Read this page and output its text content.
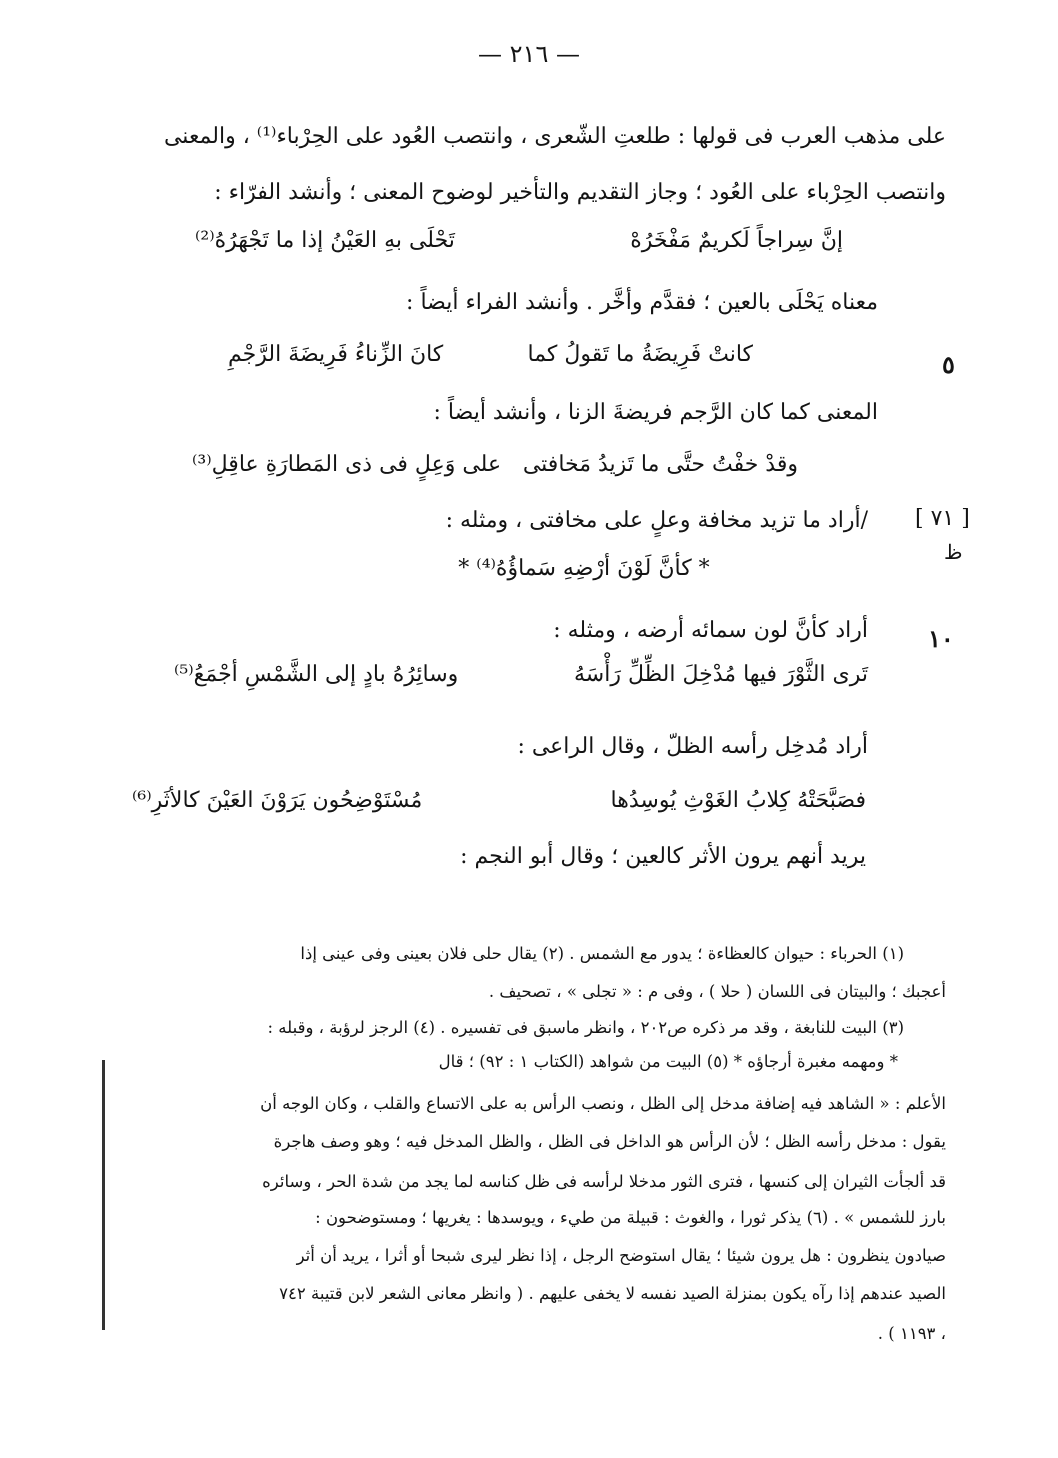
— ٢١٦ —
على مذهب العرب فى قولها : طلعتِ الشّعرى ، وانتصب العُود على الحِرْباء⁽¹⁾ ، والمعنى
وانتصب الحِرْباء على العُود ؛ وجاز التقديم والتأخير لوضوح المعنى ؛ وأنشد الفرّاء :
إنَّ سِراجاً لَكريمٌ مَفْخَرُهْ
تَحْلَى بهِ العَيْنُ إذا ما تَجْهَرُهُ⁽²⁾
معناه يَحْلَى بالعين ؛ فقدَّم وأخَّر . وأنشد الفراء أيضاً :
٥
كانتْ فَرِيضَةُ ما تَقولُ كما
كانَ الزِّناءُ فَرِيضَةَ الرَّجْمِ
المعنى كما كان الرَّجم فريضةَ الزنا ، وأنشد أيضاً :
وقدْ خفْتُ حتَّى ما تَزيدُ مَخافتى
على وَعِلٍ فى ذى المَطارَةِ عاقِلِ⁽³⁾
[ ٧١ ]
ظ
/أراد ما تزيد مخافة وعلٍ على مخافتى ، ومثله :
* كأنَّ لَوْنَ أرْضِهِ سَماؤُهُ⁽⁴⁾ *
١٠
أراد كأنَّ لون سمائه أرضه ، ومثله :
تَرى الثَّوْرَ فيها مُدْخِلَ الظِّلِّ رَأْسَهُ
وسائِرُهُ بادٍ إلى الشَّمْسِ أجْمَعُ⁽⁵⁾
أراد مُدخِل رأسه الظلّ ، وقال الراعى :
فصَبَّحَتْهُ كِلابُ الغَوْثِ يُوسِدُها
مُسْتَوْضِحُون يَرَوْنَ العَيْنَ كالأثَرِ⁽⁶⁾
يريد أنهم يرون الأثر كالعين ؛ وقال أبو النجم :
(١) الحرباء : حيوان كالعظاءة ؛ يدور مع الشمس . (٢) يقال حلى فلان بعينى وفى عينى إذا
أعجبك ؛ والبيتان فى اللسان ( حلا ) ، وفى م : « تجلى » ، تصحيف .
(٣) البيت للنابغة ، وقد مر ذكره ص٢٠٢ ، وانظر ماسبق فى تفسيره . (٤) الرجز لرؤبة ، وقبله :
* ومهمه مغبرة أرجاؤه * (٥) البيت من شواهد (الكتاب ١ : ٩٢) ؛ قال
الأعلم : « الشاهد فيه إضافة مدخل إلى الظل ، ونصب الرأس به على الاتساع والقلب ، وكان الوجه أن
يقول : مدخل رأسه الظل ؛ لأن الرأس هو الداخل فى الظل ، والظل المدخل فيه ؛ وهو وصف هاجرة
قد ألجأت الثيران إلى كنسها ، فترى الثور مدخلا لرأسه فى ظل كناسه لما يجد من شدة الحر ، وسائره
بارز للشمس » . (٦) يذكر ثورا ، والغوث : قبيلة من طيء ، ويوسدها : يغريها ؛ ومستوضحون :
صيادون ينظرون : هل يرون شيئا ؛ يقال استوضح الرجل ، إذا نظر ليرى شبحا أو أثرا ، يريد أن أثر
الصيد عندهم إذا رآه يكون بمنزلة الصيد نفسه لا يخفى عليهم . ( وانظر معانى الشعر لابن قتيبة ٧٤٢
، ١١٩٣ ) .
